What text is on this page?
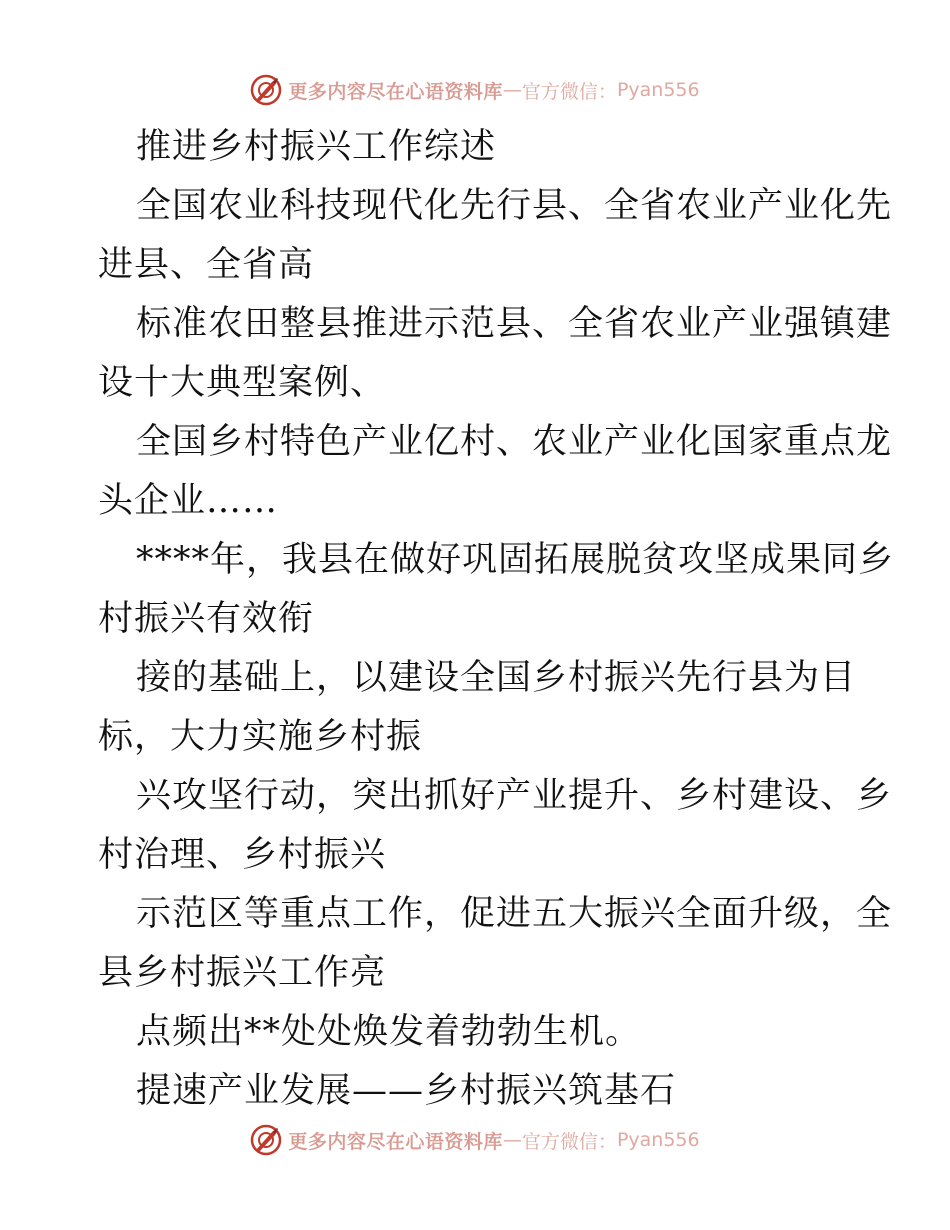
更多内容尽在心语资料库 — 官方微信： Pyan556
推进乡村振兴工作综述
全国农业科技现代化先行县、全省农业产业化先
进县、全省高
标准农田整县推进示范县、全省农业产业强镇建
设十大典型案例、
全国乡村特色产业亿村、农业产业化国家重点龙
头企业……
****年，我县在做好巩固拓展脱贫攻坚成果同乡
村振兴有效衔
接的基础上，以建设全国乡村振兴先行县为目
标，大力实施乡村振
兴攻坚行动，突出抓好产业提升、乡村建设、乡
村治理、乡村振兴
示范区等重点工作，促进五大振兴全面升级，全
县乡村振兴工作亮
点频出**处处焕发着勃勃生机。
提速产业发展——乡村振兴筑基石
更多内容尽在心语资料库 — 官方微信： Pyan556
